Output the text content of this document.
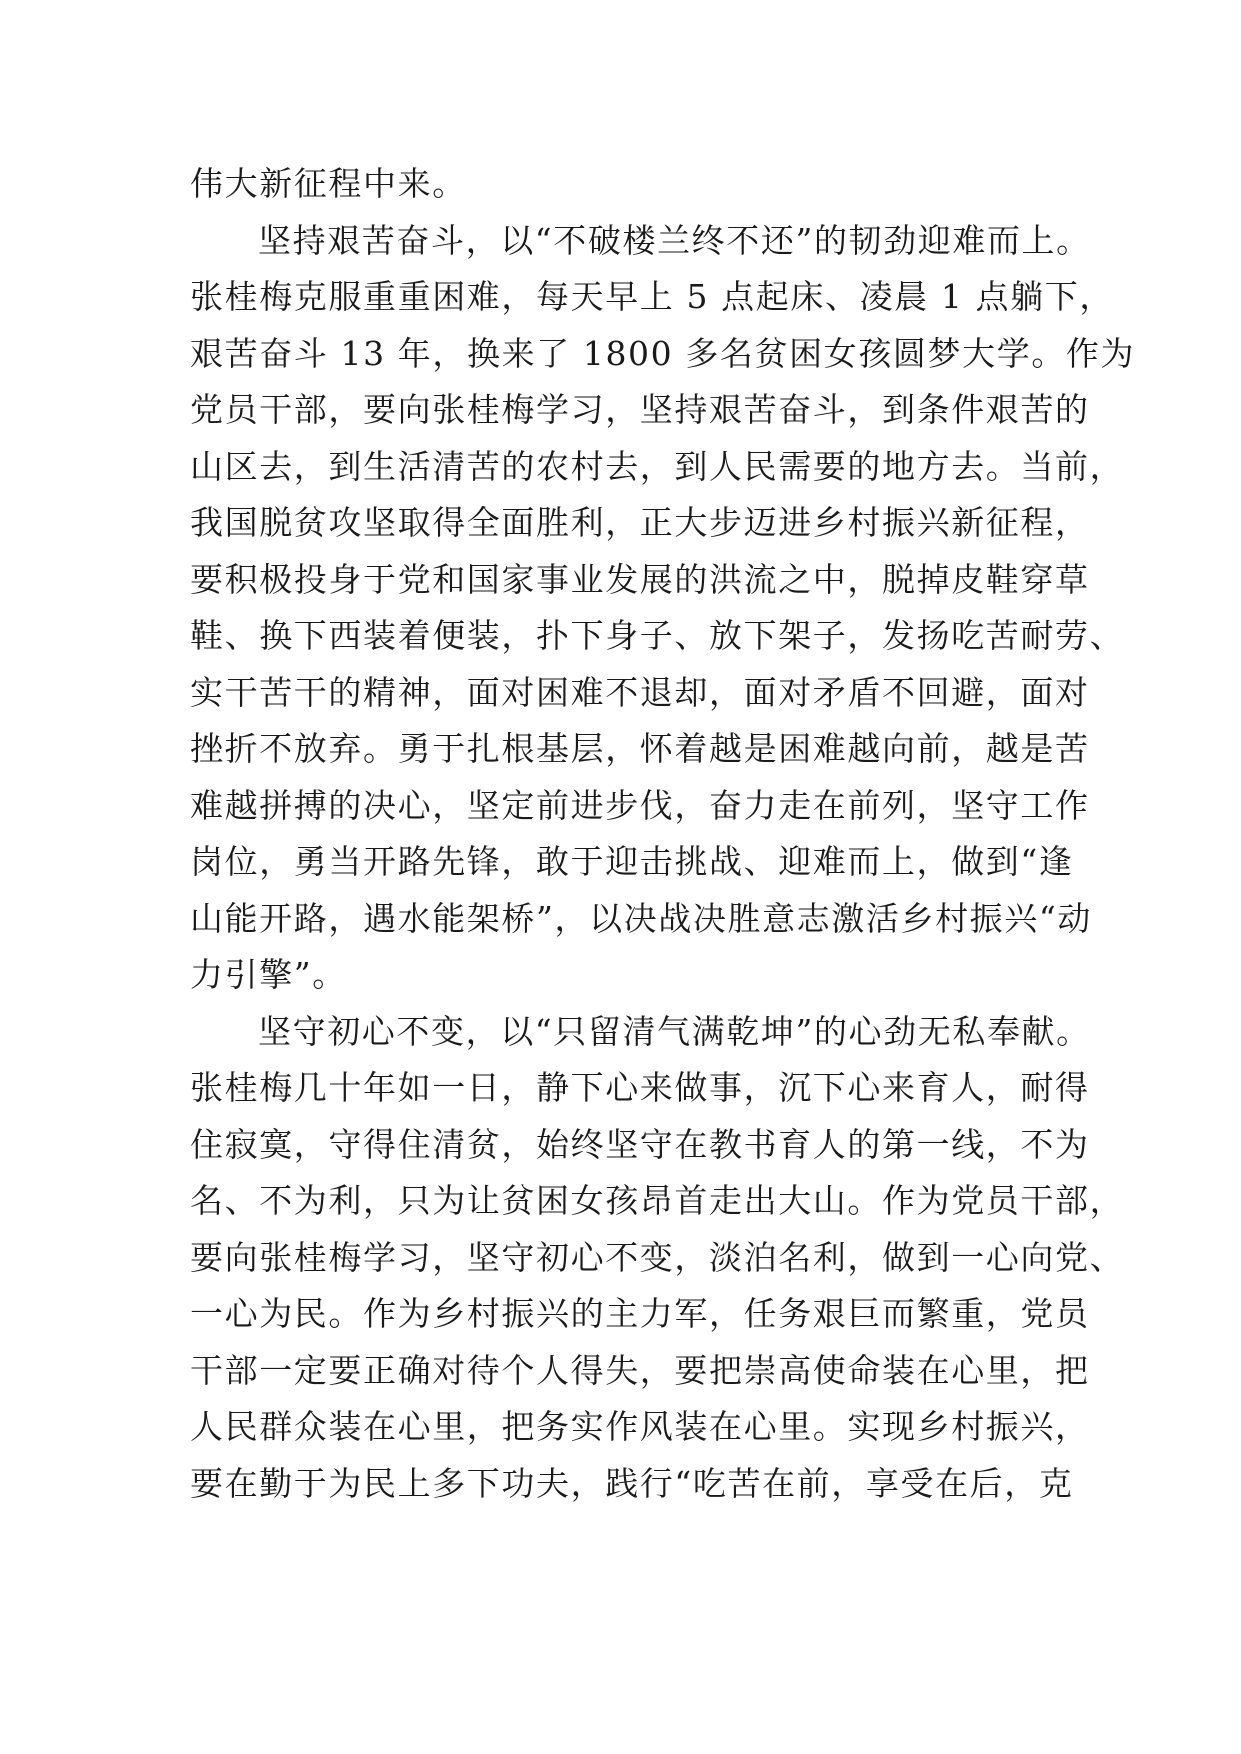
伟大新征程中来。
坚持艰苦奋斗，以“不破楼兰终不还”的韧劲迎难而上。
张桂梅克服重重困难，每天早上 5 点起床、凌晨 1 点躺下，
艰苦奋斗 13 年，换来了 1800 多名贫困女孩圆梦大学。作为
党员干部，要向张桂梅学习，坚持艰苦奋斗，到条件艰苦的
山区去，到生活清苦的农村去，到人民需要的地方去。当前，
我国脱贫攻坚取得全面胜利，正大步迈进乡村振兴新征程，
要积极投身于党和国家事业发展的洪流之中，脱掉皮鞋穿草
鞋、换下西装着便装，扑下身子、放下架子，发扬吃苦耐劳、
实干苦干的精神，面对困难不退却，面对矛盾不回避，面对
挫折不放弃。勇于扎根基层，怀着越是困难越向前，越是苦
难越拼搏的决心，坚定前进步伐，奋力走在前列，坚守工作
岗位，勇当开路先锋，敢于迎击挑战、迎难而上，做到“逢
山能开路，遇水能架桥”，以决战决胜意志激活乡村振兴“动
力引擎”。
坚守初心不变，以“只留清气满乾坤”的心劲无私奉献。
张桂梅几十年如一日，静下心来做事，沉下心来育人，耐得
住寂寞，守得住清贫，始终坚守在教书育人的第一线，不为
名、不为利，只为让贫困女孩昂首走出大山。作为党员干部，
要向张桂梅学习，坚守初心不变，淡泊名利，做到一心向党、
一心为民。作为乡村振兴的主力军，任务艰巨而繁重，党员
干部一定要正确对待个人得失，要把崇高使命装在心里，把
人民群众装在心里，把务实作风装在心里。实现乡村振兴，
要在勤于为民上多下功夫，践行“吃苦在前，享受在后，克
